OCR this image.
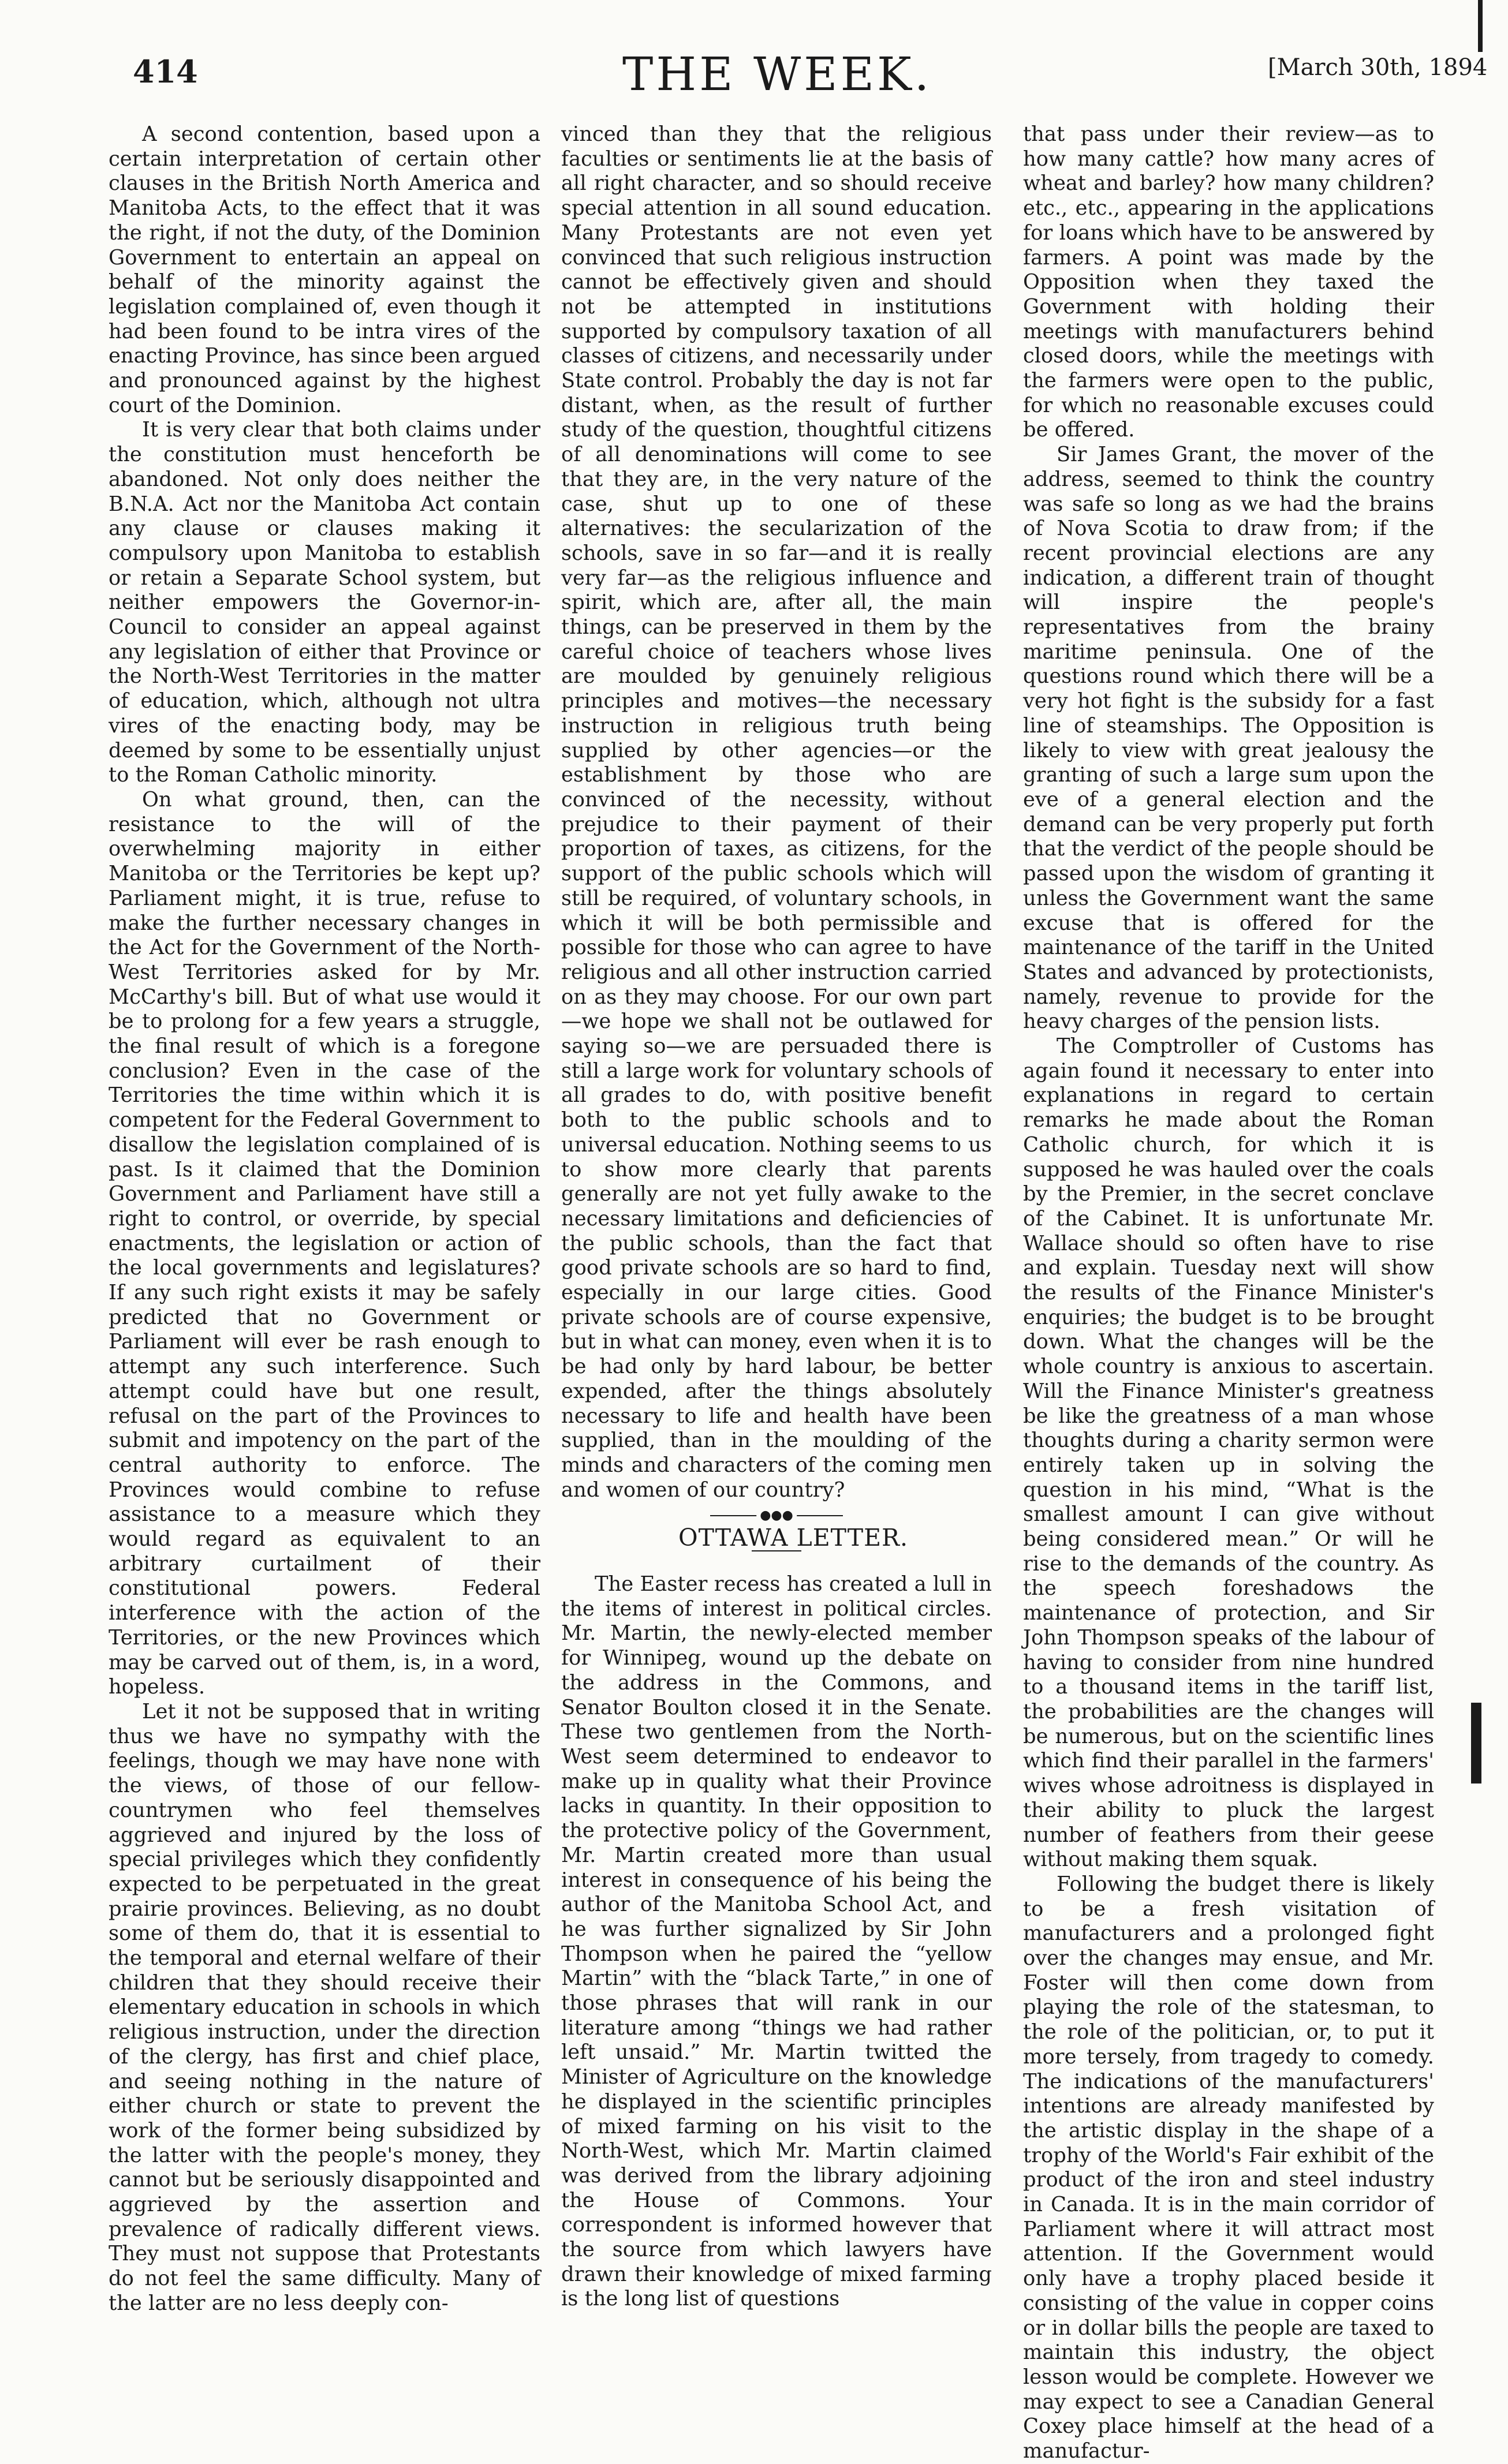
414	THE WEEK.	[March 30th, 1894

A second contention, based upon a certain interpretation of certain other clauses in the British North America and Manitoba Acts, to the effect that it was the right, if not the duty, of the Dominion Government to entertain an appeal on behalf of the minority against the legislation complained of, even though it had been found to be intra vires of the enacting Province, has since been argued and pronounced against by the highest court of the Dominion.

It is very clear that both claims under the constitution must henceforth be abandoned. Not only does neither the B.N.A. Act nor the Manitoba Act contain any clause or clauses making it compulsory upon Manitoba to establish or retain a Separate School system, but neither empowers the Governor-in-Council to consider an appeal against any legislation of either that Province or the North-West Territories in the matter of education, which, although not ultra vires of the enacting body, may be deemed by some to be essentially unjust to the Roman Catholic minority.

On what ground, then, can the resistance to the will of the overwhelming majority in either Manitoba or the Territories be kept up? Parliament might, it is true, refuse to make the further necessary changes in the Act for the Government of the North-West Territories asked for by Mr. McCarthy's bill. But of what use would it be to prolong for a few years a struggle, the final result of which is a foregone conclusion? Even in the case of the Territories the time within which it is competent for the Federal Government to disallow the legislation complained of is past. Is it claimed that the Dominion Government and Parliament have still a right to control, or override, by special enactments, the legislation or action of the local governments and legislatures? If any such right exists it may be safely predicted that no Government or Parliament will ever be rash enough to attempt any such interference. Such attempt could have but one result, refusal on the part of the Provinces to submit and impotency on the part of the central authority to enforce. The Provinces would combine to refuse assistance to a measure which they would regard as equivalent to an arbitrary curtailment of their constitutional powers. Federal interference with the action of the Territories, or the new Provinces which may be carved out of them, is, in a word, hopeless.

Let it not be supposed that in writing thus we have no sympathy with the feelings, though we may have none with the views, of those of our fellow-countrymen who feel themselves aggrieved and injured by the loss of special privileges which they confidently expected to be perpetuated in the great prairie provinces. Believing, as no doubt some of them do, that it is essential to the temporal and eternal welfare of their children that they should receive their elementary education in schools in which religious instruction, under the direction of the clergy, has first and chief place, and seeing nothing in the nature of either church or state to prevent the work of the former being subsidized by the latter with the people's money, they cannot but be seriously disappointed and aggrieved by the assertion and prevalence of radically different views. They must not suppose that Protestants do not feel the same difficulty. Many of the latter are no less deeply con-

vinced than they that the religious faculties or sentiments lie at the basis of all right character, and so should receive special attention in all sound education. Many Protestants are not even yet convinced that such religious instruction cannot be effectively given and should not be attempted in institutions supported by compulsory taxation of all classes of citizens, and necessarily under State control. Probably the day is not far distant, when, as the result of further study of the question, thoughtful citizens of all denominations will come to see that they are, in the very nature of the case, shut up to one of these alternatives: the secularization of the schools, save in so far—and it is really very far—as the religious influence and spirit, which are, after all, the main things, can be preserved in them by the careful choice of teachers whose lives are moulded by genuinely religious principles and motives—the necessary instruction in religious truth being supplied by other agencies—or the establishment by those who are convinced of the necessity, without prejudice to their payment of their proportion of taxes, as citizens, for the support of the public schools which will still be required, of voluntary schools, in which it will be both permissible and possible for those who can agree to have religious and all other instruction carried on as they may choose. For our own part—we hope we shall not be outlawed for saying so—we are persuaded there is still a large work for voluntary schools of all grades to do, with positive benefit both to the public schools and to universal education. Nothing seems to us to show more clearly that parents generally are not yet fully awake to the necessary limitations and deficiencies of the public schools, than the fact that good private schools are so hard to find, especially in our large cities. Good private schools are of course expensive, but in what can money, even when it is to be had only by hard labour, be better expended, after the things absolutely necessary to life and health have been supplied, than in the moulding of the minds and characters of the coming men and women of our country?

●●●

OTTAWA LETTER.

The Easter recess has created a lull in the items of interest in political circles. Mr. Martin, the newly-elected member for Winnipeg, wound up the debate on the address in the Commons, and Senator Boulton closed it in the Senate. These two gentlemen from the North-West seem determined to endeavor to make up in quality what their Province lacks in quantity. In their opposition to the protective policy of the Government, Mr. Martin created more than usual interest in consequence of his being the author of the Manitoba School Act, and he was further signalized by Sir John Thompson when he paired the “yellow Martin” with the “black Tarte,” in one of those phrases that will rank in our literature among “things we had rather left unsaid.” Mr. Martin twitted the Minister of Agriculture on the knowledge he displayed in the scientific principles of mixed farming on his visit to the North-West, which Mr. Martin claimed was derived from the library adjoining the House of Commons. Your correspondent is informed however that the source from which lawyers have drawn their knowledge of mixed farming is the long list of questions

that pass under their review—as to how many cattle? how many acres of wheat and barley? how many children? etc., etc., appearing in the applications for loans which have to be answered by farmers. A point was made by the Opposition when they taxed the Government with holding their meetings with manufacturers behind closed doors, while the meetings with the farmers were open to the public, for which no reasonable excuses could be offered.

Sir James Grant, the mover of the address, seemed to think the country was safe so long as we had the brains of Nova Scotia to draw from; if the recent provincial elections are any indication, a different train of thought will inspire the people's representatives from the brainy maritime peninsula. One of the questions round which there will be a very hot fight is the subsidy for a fast line of steamships. The Opposition is likely to view with great jealousy the granting of such a large sum upon the eve of a general election and the demand can be very properly put forth that the verdict of the people should be passed upon the wisdom of granting it unless the Government want the same excuse that is offered for the maintenance of the tariff in the United States and advanced by protectionists, namely, revenue to provide for the heavy charges of the pension lists.

The Comptroller of Customs has again found it necessary to enter into explanations in regard to certain remarks he made about the Roman Catholic church, for which it is supposed he was hauled over the coals by the Premier, in the secret conclave of the Cabinet. It is unfortunate Mr. Wallace should so often have to rise and explain. Tuesday next will show the results of the Finance Minister's enquiries; the budget is to be brought down. What the changes will be the whole country is anxious to ascertain. Will the Finance Minister's greatness be like the greatness of a man whose thoughts during a charity sermon were entirely taken up in solving the question in his mind, “What is the smallest amount I can give without being considered mean.” Or will he rise to the demands of the country. As the speech foreshadows the maintenance of protection, and Sir John Thompson speaks of the labour of having to consider from nine hundred to a thousand items in the tariff list, the probabilities are the changes will be numerous, but on the scientific lines which find their parallel in the farmers' wives whose adroitness is displayed in their ability to pluck the largest number of feathers from their geese without making them squak.

Following the budget there is likely to be a fresh visitation of manufacturers and a prolonged fight over the changes may ensue, and Mr. Foster will then come down from playing the role of the statesman, to the role of the politician, or, to put it more tersely, from tragedy to comedy. The indications of the manufacturers' intentions are already manifested by the artistic display in the shape of a trophy of the World's Fair exhibit of the product of the iron and steel industry in Canada. It is in the main corridor of Parliament where it will attract most attention. If the Government would only have a trophy placed beside it consisting of the value in copper coins or in dollar bills the people are taxed to maintain this industry, the object lesson would be complete. However we may expect to see a Canadian General Coxey place himself at the head of a manufactur-
